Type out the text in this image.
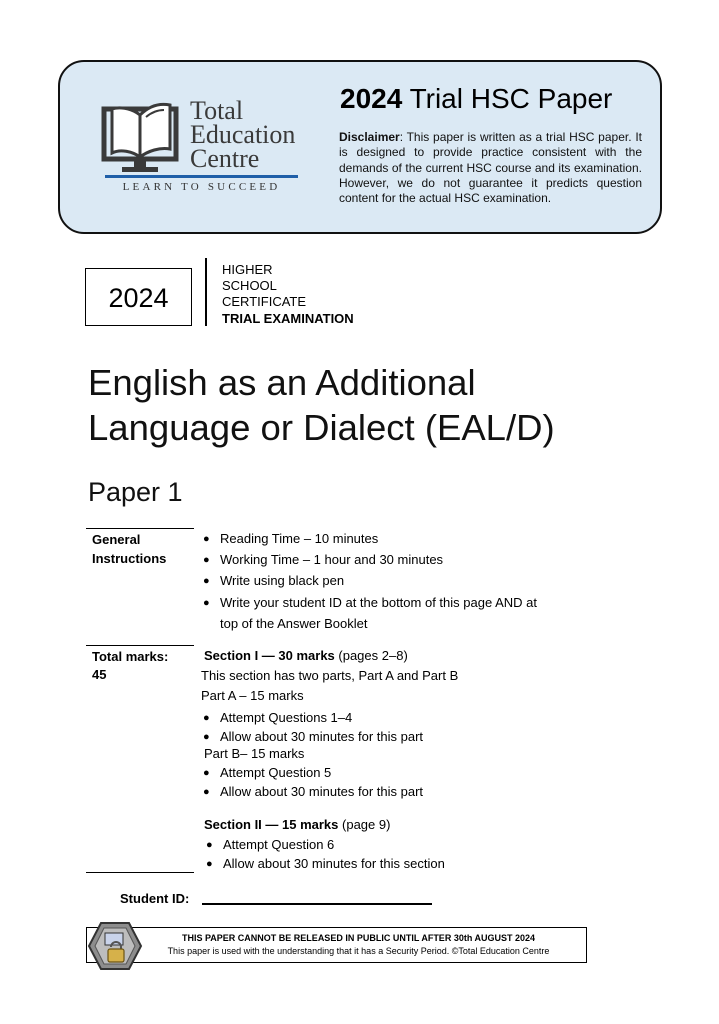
Total
Education
Centre
LEARN TO SUCCEED
2024 Trial HSC Paper
Disclaimer: This paper is written as a trial HSC paper. It is designed to provide practice consistent with the demands of the current HSC course and its examination. However, we do not guarantee it predicts question content for the actual HSC examination.
2024
HIGHER
SCHOOL
CERTIFICATE
TRIAL EXAMINATION
English as an Additional
Language or Dialect (EAL/D)
Paper 1
General Instructions
● Reading Time – 10 minutes
● Working Time – 1 hour and 30 minutes
● Write using black pen
● Write your student ID at the bottom of this page AND at
top of the Answer Booklet
Total marks:
45
Section I — 30 marks (pages 2–8)
This section has two parts, Part A and Part B
Part A – 15 marks
● Attempt Questions 1–4
● Allow about 30 minutes for this part
Part B– 15 marks
● Attempt Question 5
● Allow about 30 minutes for this part
Section II — 15 marks (page 9)
● Attempt Question 6
● Allow about 30 minutes for this section
Student ID:
THIS PAPER CANNOT BE RELEASED IN PUBLIC UNTIL AFTER 30th AUGUST 2024
This paper is used with the understanding that it has a Security Period. ©Total Education Centre
